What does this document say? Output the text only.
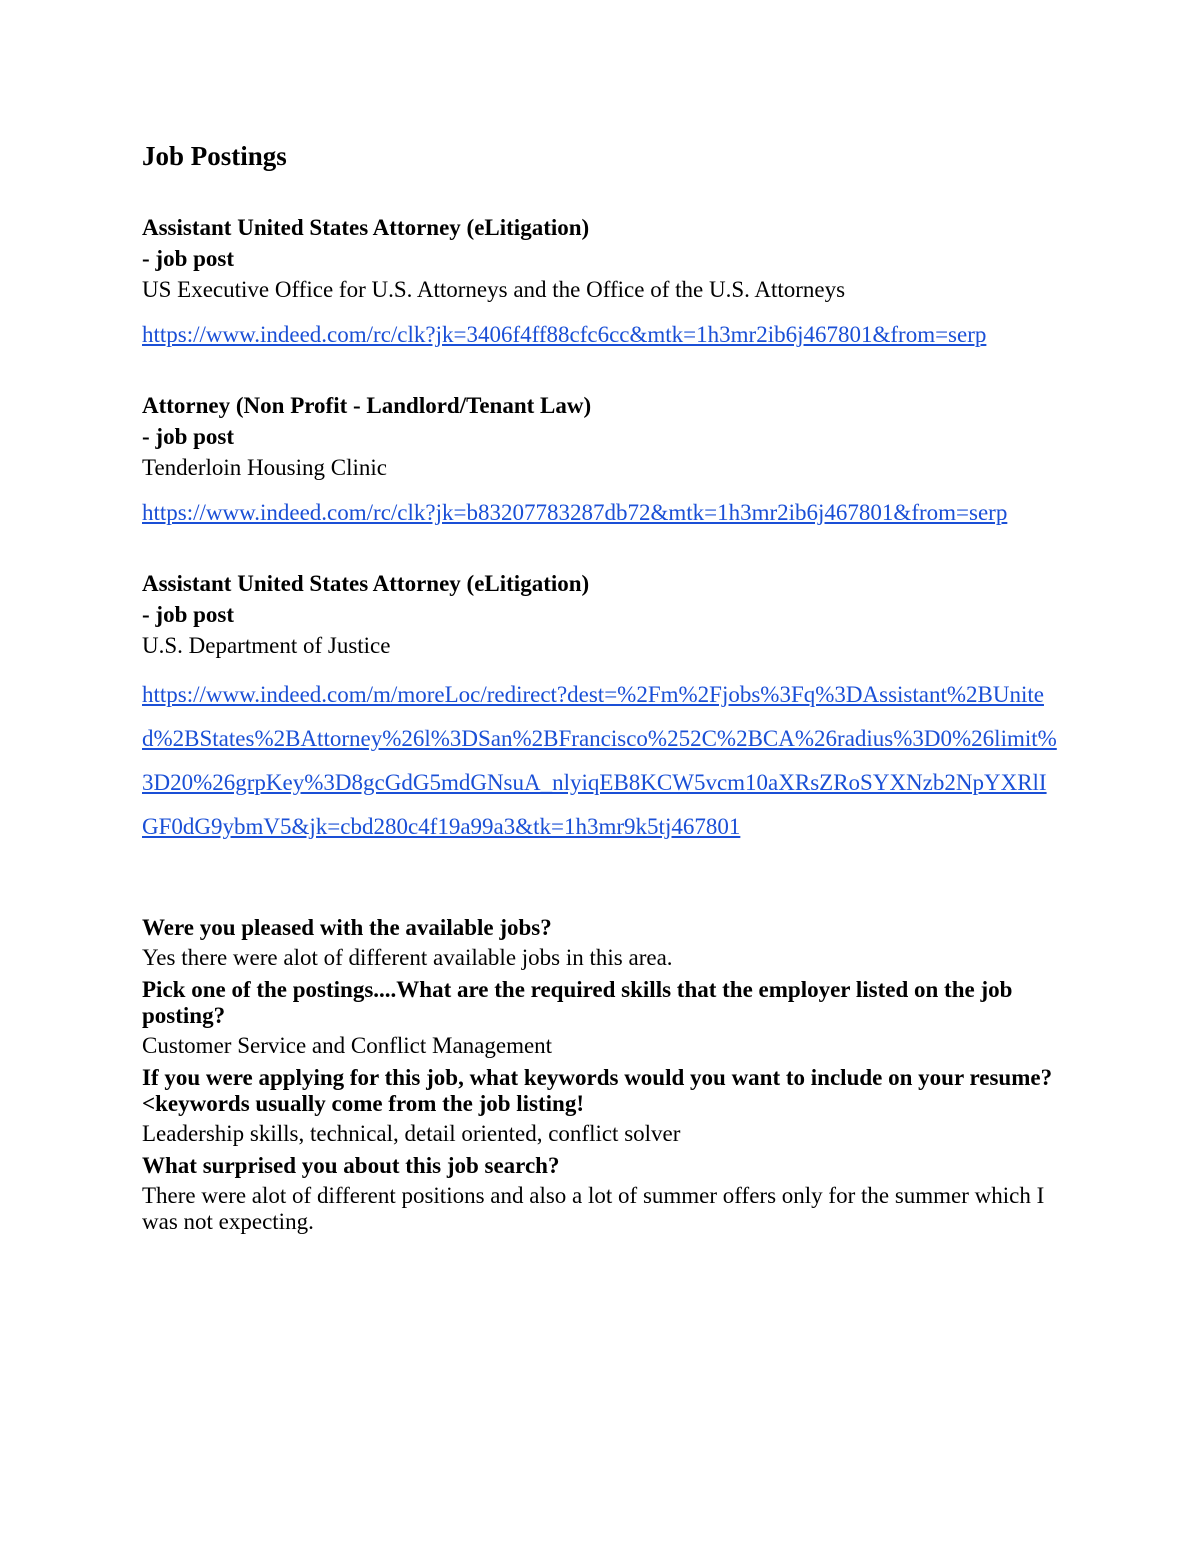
Job Postings

Assistant United States Attorney (eLitigation)

- job post

US Executive Office for U.S. Attorneys and the Office of the U.S. Attorneys

https://www.indeed.com/rc/clk?jk=3406f4ff88cfc6cc&mtk=1h3mr2ib6j467801&from=serp

Attorney (Non Profit - Landlord/Tenant Law)

- job post

Tenderloin Housing Clinic

https://www.indeed.com/rc/clk?jk=b83207783287db72&mtk=1h3mr2ib6j467801&from=serp

Assistant United States Attorney (eLitigation)

- job post

U.S. Department of Justice

https://www.indeed.com/m/moreLoc/redirect?dest=%2Fm%2Fjobs%3Fq%3DAssistant%2BUnited%2BStates%2BAttorney%26l%3DSan%2BFrancisco%252C%2BCA%26radius%3D0%26limit%3D20%26grpKey%3D8gcGdG5mdGNsuA_nlyiqEB8KCW5vcm10aXRsZRoSYXNzb2NpYXRlIGF0dG9ybmV5&jk=cbd280c4f19a99a3&tk=1h3mr9k5tj467801

Were you pleased with the available jobs?

Yes there were alot of different available jobs in this area.

Pick one of the postings....What are the required skills that the employer listed on the job posting?

Customer Service and Conflict Management

If you were applying for this job, what keywords would you want to include on your resume? <keywords usually come from the job listing!

Leadership skills, technical, detail oriented, conflict solver

What surprised you about this job search?

There were alot of different positions and also a lot of summer offers only for the summer which I was not expecting.
